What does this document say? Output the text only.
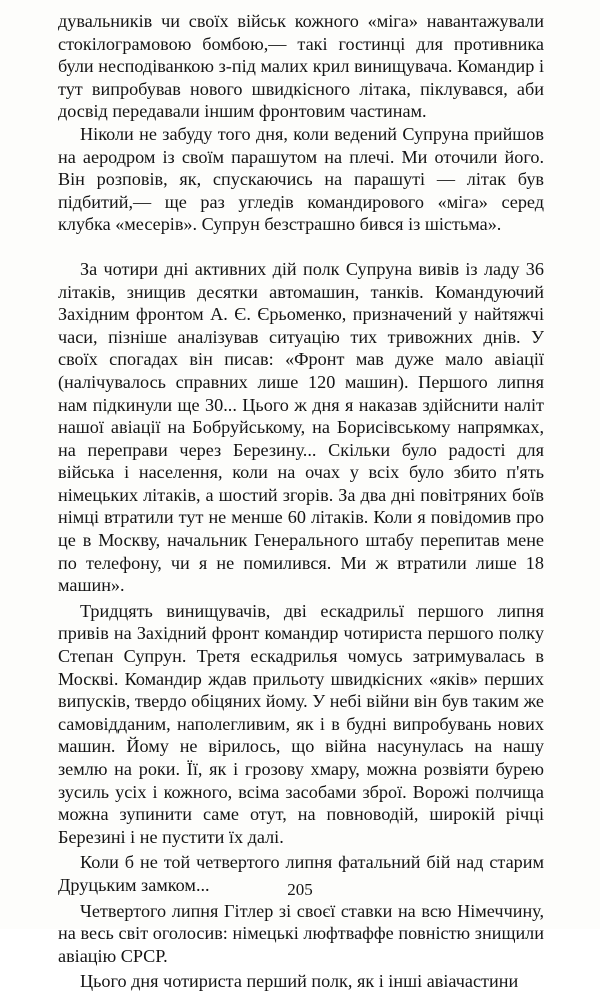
дувальників чи своїх військ кожного «міга» навантажували стокілограмовою бомбою,— такі гостинці для противника були несподіванкою з-під малих крил винищувача. Командир і тут випробував нового швидкісного літака, піклувався, аби досвід передавали іншим фронтовим частинам.

Ніколи не забуду того дня, коли ведений Супруна прийшов на аеродром із своїм парашутом на плечі. Ми оточили його. Він розповів, як, спускаючись на парашуті — літак був підбитий,— ще раз угледів командирового «міга» серед клубка «месерів». Супрун безстрашно бився із шістьма».

За чотири дні активних дій полк Супруна вивів із ладу 36 літаків, знищив десятки автомашин, танків. Командуючий Західним фронтом А. Є. Єрьоменко, призначений у найтяжчі часи, пізніше аналізував ситуацію тих тривожних днів. У своїх спогадах він писав: «Фронт мав дуже мало авіації (налічувалось справних лише 120 машин). Першого липня нам підкинули ще 30... Цього ж дня я наказав здійснити наліт нашої авіації на Бобруйському, на Борисівському напрямках, на переправи через Березину... Скільки було радості для війська і населення, коли на очах у всіх було збито п'ять німецьких літаків, а шостий згорів. За два дні повітряних боїв німці втратили тут не менше 60 літаків. Коли я повідомив про це в Москву, начальник Генерального штабу перепитав мене по телефону, чи я не помилився. Ми ж втратили лише 18 машин».

Тридцять винищувачів, дві ескадрильї першого липня привів на Західний фронт командир чотириста першого полку Степан Супрун. Третя ескадрилья чомусь затримувалась в Москві. Командир ждав прильоту швидкісних «яків» перших випусків, твердо обіцяних йому. У небі війни він був таким же самовідданим, наполегливим, як і в будні випробувань нових машин. Йому не вірилось, що війна насунулась на нашу землю на роки. Її, як і грозову хмару, можна розвіяти бурею зусиль усіх і кожного, всіма засобами зброї. Ворожі полчища можна зупинити саме отут, на повноводій, широкій річці Березині і не пустити їх далі.

Коли б не той четвертого липня фатальний бій над старим Друцьким замком...

Четвертого липня Гітлер зі своєї ставки на всю Німеччину, на весь світ оголосив: німецькі люфтваффе повністю знищили авіацію СРСР.

Цього дня чотириста перший полк, як і інші авіачастини

205
